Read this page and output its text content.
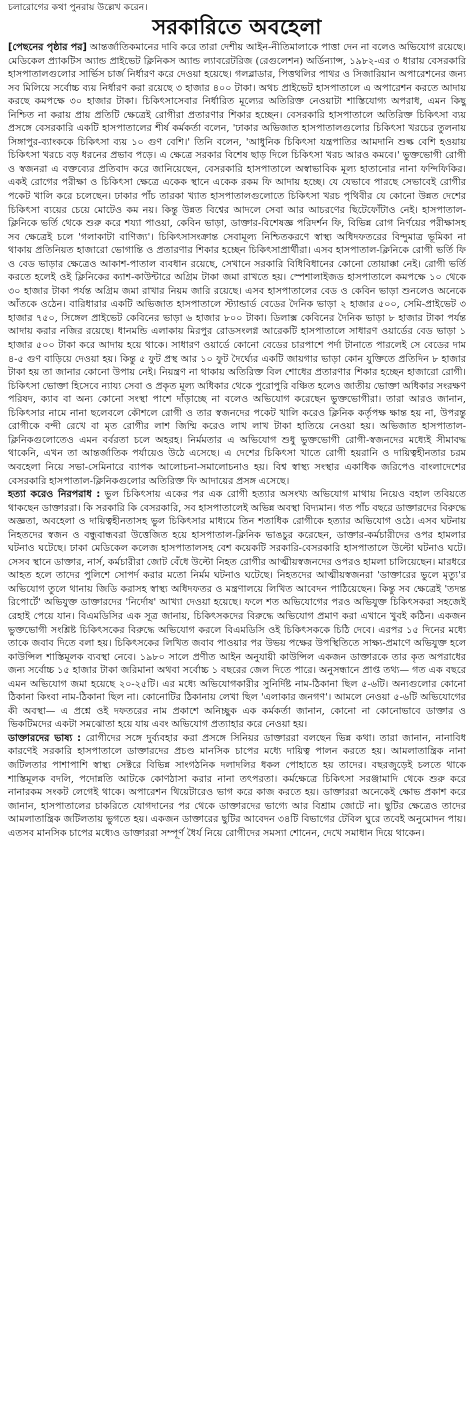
চলারোগের কথা পুনরায় উল্লেখ করেন।

সরকারিতে অবহেলা

[পেছনের পৃষ্ঠার পর] আন্তর্জাতিকমানের দাবি করে তারা দেশীয় আইন-নীতিমালাকে পাত্তা দেন না বলেও অভিযোগ রয়েছে। মেডিকেল প্র্যাকটিস অ্যান্ড প্রাইভেট ক্লিনিকস অ্যান্ড ল্যাবরেটরিজ (রেগুলেশন) অর্ডিন্যান্স, ১৯৮২-এর ৩ ধারায় বেসরকারি হাসপাতালগুলোর সার্ভিস চার্জ নির্ধারণ করে দেওয়া হয়েছে। গলব্লাডার, পিত্তথলির পাথর ও সিজারিয়ান অপারেশনের জন্য সব মিলিয়ে সর্বোচ্চ ব্যয় নির্ধারণ করা রয়েছে ৩ হাজার ৪০০ টাকা। অথচ প্রাইভেট হাসপাতালে এ অপারেশন করতে আদায় করছে কমপক্ষে ৩০ হাজার টাকা। চিকিৎসাসেবার নির্ধারিত মূল্যের অতিরিক্ত নেওয়াটা শাস্তিযোগ্য অপরাধ, এমন কিছু নিশ্চিত না করায় প্রায় প্রতিটি ক্ষেত্রেই রোগীরা প্রতারণার শিকার হচ্ছেন। বেসরকারি হাসপাতালে অতিরিক্ত চিকিৎসা ব্যয় প্রসঙ্গে বেসরকারি একটি হাসপাতালের শীর্ষ কর্মকর্তা বলেন, 'ঢাকার অভিজাত হাসপাতালগুলোর চিকিৎসা খরচের তুলনায় সিঙ্গাপুর-ব্যাংককে চিকিৎসা ব্যয় ১০ গুণ বেশি।' তিনি বলেন, 'আধুনিক চিকিৎসা যন্ত্রপাতির আমদানি শুল্ক বেশি হওয়ায় চিকিৎসা খরচে বড় ধরনের প্রভাব পড়ে। এ ক্ষেত্রে সরকার বিশেষ ছাড় দিলে চিকিৎসা খরচ আরও কমবে।' ভুক্তভোগী রোগী ও স্বজনরা এ বক্তব্যের প্রতিবাদ করে জানিয়েছেন, বেসরকারি হাসপাতালে অস্বাভাবিক মূল্য হাতানোর নানা ফন্দিফিকির। একই রোগের পরীক্ষা ও চিকিৎসা ক্ষেত্রে একেক স্থানে একেক রকম ফি আদায় হচ্ছে। যে যেভাবে পারছে সেভাবেই রোগীর পকেট খালি করে চলেছেন। ঢাকার পাঁচ তারকা খ্যাত হাসপাতালগুলোতে চিকিৎসা খরচ পৃথিবীর যে কোনো উন্নত দেশের চিকিৎসা ব্যয়ের চেয়ে মোটেও কম নয়। কিন্তু উন্নত বিশ্বের আদলে সেবা আর আচরণের ছিটেফোঁটাও নেই। হাসপাতাল-ক্লিনিকে ভর্তি থেকে শুরু করে শয্যা পাওয়া, কেবিন ভাড়া, ডাক্তার-বিশেষজ্ঞ পরিদর্শন ফি, বিভিন্ন রোগ নির্ণয়ের পরীক্ষাসহ সব ক্ষেত্রেই চলে 'গলাকাটা বাণিজ্য'। চিকিৎসাসংক্রান্ত সেবামূল্য নিশ্চিতকরণে স্বাস্থ্য অধিদফতরের বিন্দুমাত্র ভূমিকা না থাকায় প্রতিনিয়ত হাজারো ভোগান্তি ও প্রতারণার শিকার হচ্ছেন চিকিৎসাপ্রার্থীরা। এসব হাসপাতাল-ক্লিনিকে রোগী ভর্তি ফি ও বেড ভাড়ার ক্ষেত্রেও আকাশ-পাতাল ব্যবধান রয়েছে, সেখানে সরকারি বিধিবিধানের কোনো তোয়াক্কা নেই। রোগী ভর্তি করতে হলেই ওই ক্লিনিকের ক্যাশ-কাউন্টারে অগ্রিম টাকা জমা রাখতে হয়। স্পেশালাইজড হাসপাতালে কমপক্ষে ১০ থেকে ৩০ হাজার টাকা পর্যন্ত অগ্রিম জমা রাখার নিয়ম জারি রয়েছে। এসব হাসপাতালের বেড ও কেবিন ভাড়া শুনলেও অনেকে আঁতকে ওঠেন। বারিধারার একটি অভিজাত হাসপাতালে স্ট্যান্ডার্ড বেডের দৈনিক ভাড়া ২ হাজার ৫০০, সেমি-প্রাইভেট ৩ হাজার ৭৫০, সিঙ্গেল প্রাইভেট কেবিনের ভাড়া ৬ হাজার ৮০০ টাকা। ডিলাক্স কেবিনের দৈনিক ভাড়া ৮ হাজার টাকা পর্যন্ত আদায় করার নজির রয়েছে। ধানমন্ডি এলাকায় মিরপুর রোডসংলগ্ন আরেকটি হাসপাতালে সাধারণ ওয়ার্ডের বেড ভাড়া ১ হাজার ৫০০ টাকা করে আদায় হয়ে থাকে। সাধারণ ওয়ার্ডে কোনো বেডের চারপাশে পর্দা টানাতে পারলেই সে বেডের দাম ৪-৫ গুণ বাড়িয়ে দেওয়া হয়। কিন্তু ৫ ফুট প্রস্থ আর ১০ ফুট দৈর্ঘ্যের একটি জায়গার ভাড়া কোন যুক্তিতে প্রতিদিন ৮ হাজার টাকা হয় তা জানার কোনো উপায় নেই। নিয়ন্ত্রণ না থাকায় অতিরিক্ত বিল শোধের প্রতারণার শিকার হচ্ছেন হাজারো রোগী। চিকিৎসা ভোক্তা হিসেবে ন্যায্য সেবা ও প্রকৃত মূল্য অধিকার থেকে পুরোপুরি বঞ্চিত হলেও জাতীয় ভোক্তা অধিকার সংরক্ষণ পরিষদ, ক্যাব বা অন্য কোনো সংস্থা পাশে দাঁড়াচ্ছে না বলেও অভিযোগ করেছেন ভুক্তভোগীরা। তারা আরও জানান, চিকিৎসার নামে নানা ছলেবলে কৌশলে রোগী ও তার স্বজনদের পকেট খালি করেও ক্লিনিক কর্তৃপক্ষ ক্ষান্ত হয় না, উপরন্তু রোগীকে বন্দী রেখে বা মৃত রোগীর লাশ জিম্মি করেও লাখ লাখ টাকা হাতিয়ে নেওয়া হয়। অভিজাত হাসপাতাল-ক্লিনিকগুলোতেও এমন বর্বরতা চলে অহরহ। নির্মমতার এ অভিযোগ শুধু ভুক্তভোগী রোগী-স্বজনদের মধ্যেই সীমাবদ্ধ থাকেনি, এখন তা আন্তর্জাতিক পর্যায়েও উঠে এসেছে। এ দেশের চিকিৎসা খাতে রোগী হয়রানি ও দায়িত্বহীনতার চরম অবহেলা নিয়ে সভা-সেমিনারে ব্যাপক আলোচনা-সমালোচনাও হয়। বিশ্ব স্বাস্থ্য সংস্থার একাধিক জরিপেও বাংলাদেশের বেসরকারি হাসপাতাল-ক্লিনিকগুলোর অতিরিক্ত ফি আদায়ের প্রসঙ্গ এসেছে।

হত্যা করেও নিরপরাধ : ভুল চিকিৎসায় একের পর এক রোগী হত্যার অসংখ্য অভিযোগ মাথায় নিয়েও বহাল তবিয়তে থাকছেন ডাক্তাররা। কি সরকারি কি বেসরকারি, সব হাসপাতালেই অভিন্ন অবস্থা বিদ্যমান। গত পাঁচ বছরে ডাক্তারদের বিরুদ্ধে অজ্ঞতা, অবহেলা ও দায়িত্বহীনতাসহ ভুল চিকিৎসার মাধ্যমে তিন শতাধিক রোগীকে হত্যার অভিযোগ ওঠে। এসব ঘটনায় নিহতদের স্বজন ও বন্ধুবান্ধবরা উত্তেজিত হয়ে হাসপাতাল-ক্লিনিক ভাঙচুর করেছেন, ডাক্তার-কর্মচারীদের ওপর হামলার ঘটনাও ঘটেছে। ঢাকা মেডিকেল কলেজ হাসপাতালসহ বেশ কয়েকটি সরকারি-বেসরকারি হাসপাতালে উল্টো ঘটনাও ঘটে। সেসব স্থানে ডাক্তার, নার্স, কর্মচারীরা জোট বেঁধে উল্টো নিহত রোগীর আত্মীয়স্বজনদের ওপরও হামলা চালিয়েছেন। মারধরে আহত হলে তাদের পুলিশে সোপর্দ করার মতো নির্মম ঘটনাও ঘটেছে। নিহতদের আত্মীয়স্বজনরা 'ডাক্তারের ভুলে মৃত্যু'র অভিযোগ তুলে থানায় জিডি করাসহ স্বাস্থ্য অধিদফতর ও মন্ত্রণালয়ে লিখিত আবেদন পাঠিয়েছেন। কিন্তু সব ক্ষেত্রেই 'তদন্ত রিপোর্টে' অভিযুক্ত ডাক্তারদের 'নির্দোষ' আখ্যা দেওয়া হয়েছে। ফলে শত অভিযোগের পরও অভিযুক্ত চিকিৎসকরা সহজেই রেহাই পেয়ে যান। বিএমডিসির এক সূত্র জানায়, চিকিৎসকদের বিরুদ্ধে অভিযোগ প্রমাণ করা এখানে খুবই কঠিন। একজন ভুক্তভোগী সংশ্লিষ্ট চিকিৎসকের বিরুদ্ধে অভিযোগ করলে বিএমডিসি ওই চিকিৎসককে চিঠি দেবে। এরপর ১৫ দিনের মধ্যে তাকে জবাব দিতে বলা হয়। চিকিৎসকের লিখিত জবাব পাওয়ার পর উভয় পক্ষের উপস্থিতিতে সাক্ষ্য-প্রমাণে অভিযুক্ত হলে কাউন্সিল শাস্তিমূলক ব্যবস্থা নেবে। ১৯৮০ সালে প্রণীত আইন অনুযায়ী কাউন্সিল একজন ডাক্তারকে তার কৃত অপরাধের জন্য সর্বোচ্চ ১৫ হাজার টাকা জরিমানা অথবা সর্বোচ্চ ১ বছরের জেল দিতে পারে। অনুসন্ধানে প্রাপ্ত তথ্য— গত এক বছরে এমন অভিযোগ জমা হয়েছে ২০-২৫টি। এর মধ্যে অভিযোগকারীর সুনির্দিষ্ট নাম-ঠিকানা ছিল ৫-৬টি। অন্যগুলোর কোনো ঠিকানা কিংবা নাম-ঠিকানা ছিল না। কোনোটির ঠিকানায় লেখা ছিল 'এলাকার জনগণ'। আমলে নেওয়া ৫-৬টি অভিযোগের কী অবস্থা— এ প্রশ্নে ওই দফতরের নাম প্রকাশে অনিচ্ছুক এক কর্মকর্তা জানান, কোনো না কোনোভাবে ডাক্তার ও ভিকটিমদের একটা সমঝোতা হয়ে যায় এবং অভিযোগ প্রত্যাহার করে নেওয়া হয়।

ডাক্তারদের ভাষ্য : রোগীদের সঙ্গে দুর্ব্যবহার করা প্রসঙ্গে সিনিয়র ডাক্তাররা বলছেন ভিন্ন কথা। তারা জানান, নানাবিধ কারণেই সরকারি হাসপাতালে ডাক্তারদের প্রচণ্ড মানসিক চাপের মধ্যে দায়িত্ব পালন করতে হয়। আমলাতান্ত্রিক নানা জটিলতার পাশাপাশি স্বাস্থ্য সেক্টরে বিভিন্ন সাংগঠনিক দলাদলির ধকল পোহাতে হয় তাদের। বছরজুড়েই চলতে থাকে শাস্তিমূলক বদলি, পদোন্নতি আটকে কোণঠাসা করার নানা তৎপরতা। কর্মক্ষেত্রে চিকিৎসা সরঞ্জামাদি থেকে শুরু করে নানারকম সংকট লেগেই থাকে। অপারেশন থিয়েটারেও ভাগ করে কাজ করতে হয়। ডাক্তাররা অনেকেই ক্ষোভ প্রকাশ করে জানান, হাসপাতালের চাকরিতে যোগদানের পর থেকে ডাক্তারদের ভাগ্যে আর বিশ্রাম জোটে না। ছুটির ক্ষেত্রেও তাদের আমলাতান্ত্রিক জটিলতায় ভুগতে হয়। একজন ডাক্তারের ছুটির আবেদন ৩৪টি বিভাগের টেবিল ঘুরে তবেই অনুমোদন পায়। এতসব মানসিক চাপের মধ্যেও ডাক্তাররা সম্পূর্ণ ধৈর্য নিয়ে রোগীদের সমস্যা শোনেন, দেখে সমাধান দিয়ে থাকেন।
